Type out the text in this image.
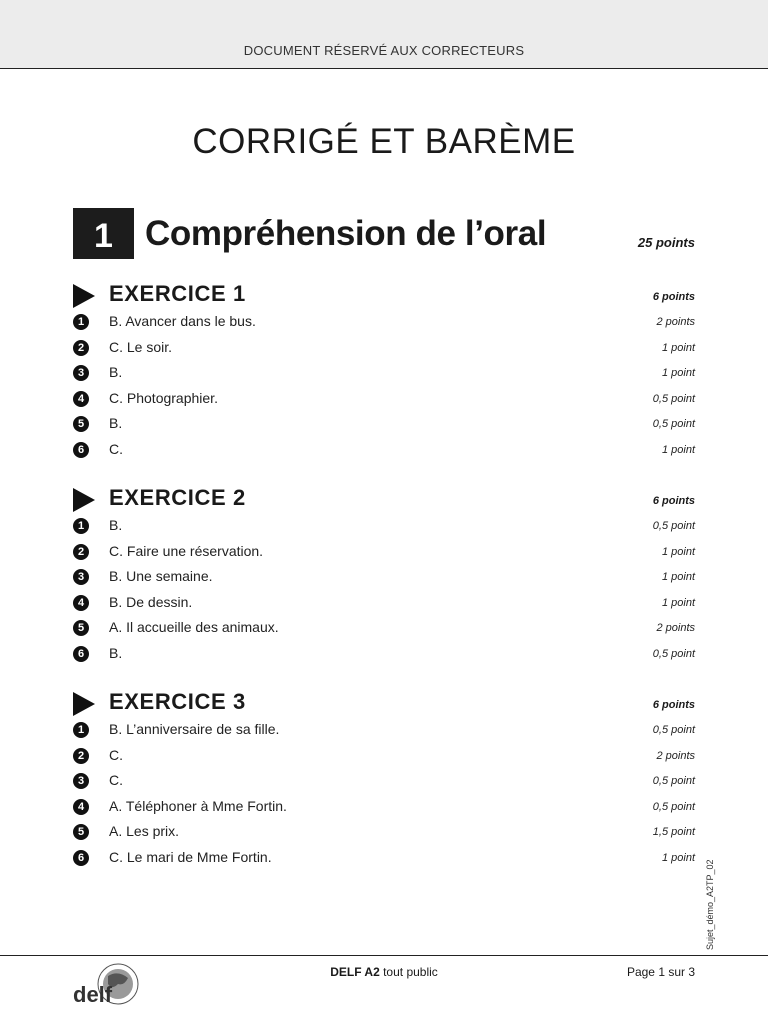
DOCUMENT RÉSERVÉ AUX CORRECTEURS
CORRIGÉ ET BARÈME
1 Compréhension de l’oral	25 points
EXERCICE 1	6 points
1	B. Avancer dans le bus.	2 points
2	C. Le soir.	1 point
3	B.	1 point
4	C. Photographier.	0,5 point
5	B.	0,5 point
6	C.	1 point
EXERCICE 2	6 points
1	B.	0,5 point
2	C. Faire une réservation.	1 point
3	B. Une semaine.	1 point
4	B. De dessin.	1 point
5	A. Il accueille des animaux.	2 points
6	B.	0,5 point
EXERCICE 3	6 points
1	B. L’anniversaire de sa fille.	0,5 point
2	C.	2 points
3	C.	0,5 point
4	A. Téléphoner à Mme Fortin.	0,5 point
5	A. Les prix.	1,5 point
6	C. Le mari de Mme Fortin.	1 point
Sujet_démo_A2TP_02
delf
DELF A2 tout public	Page 1 sur 3
